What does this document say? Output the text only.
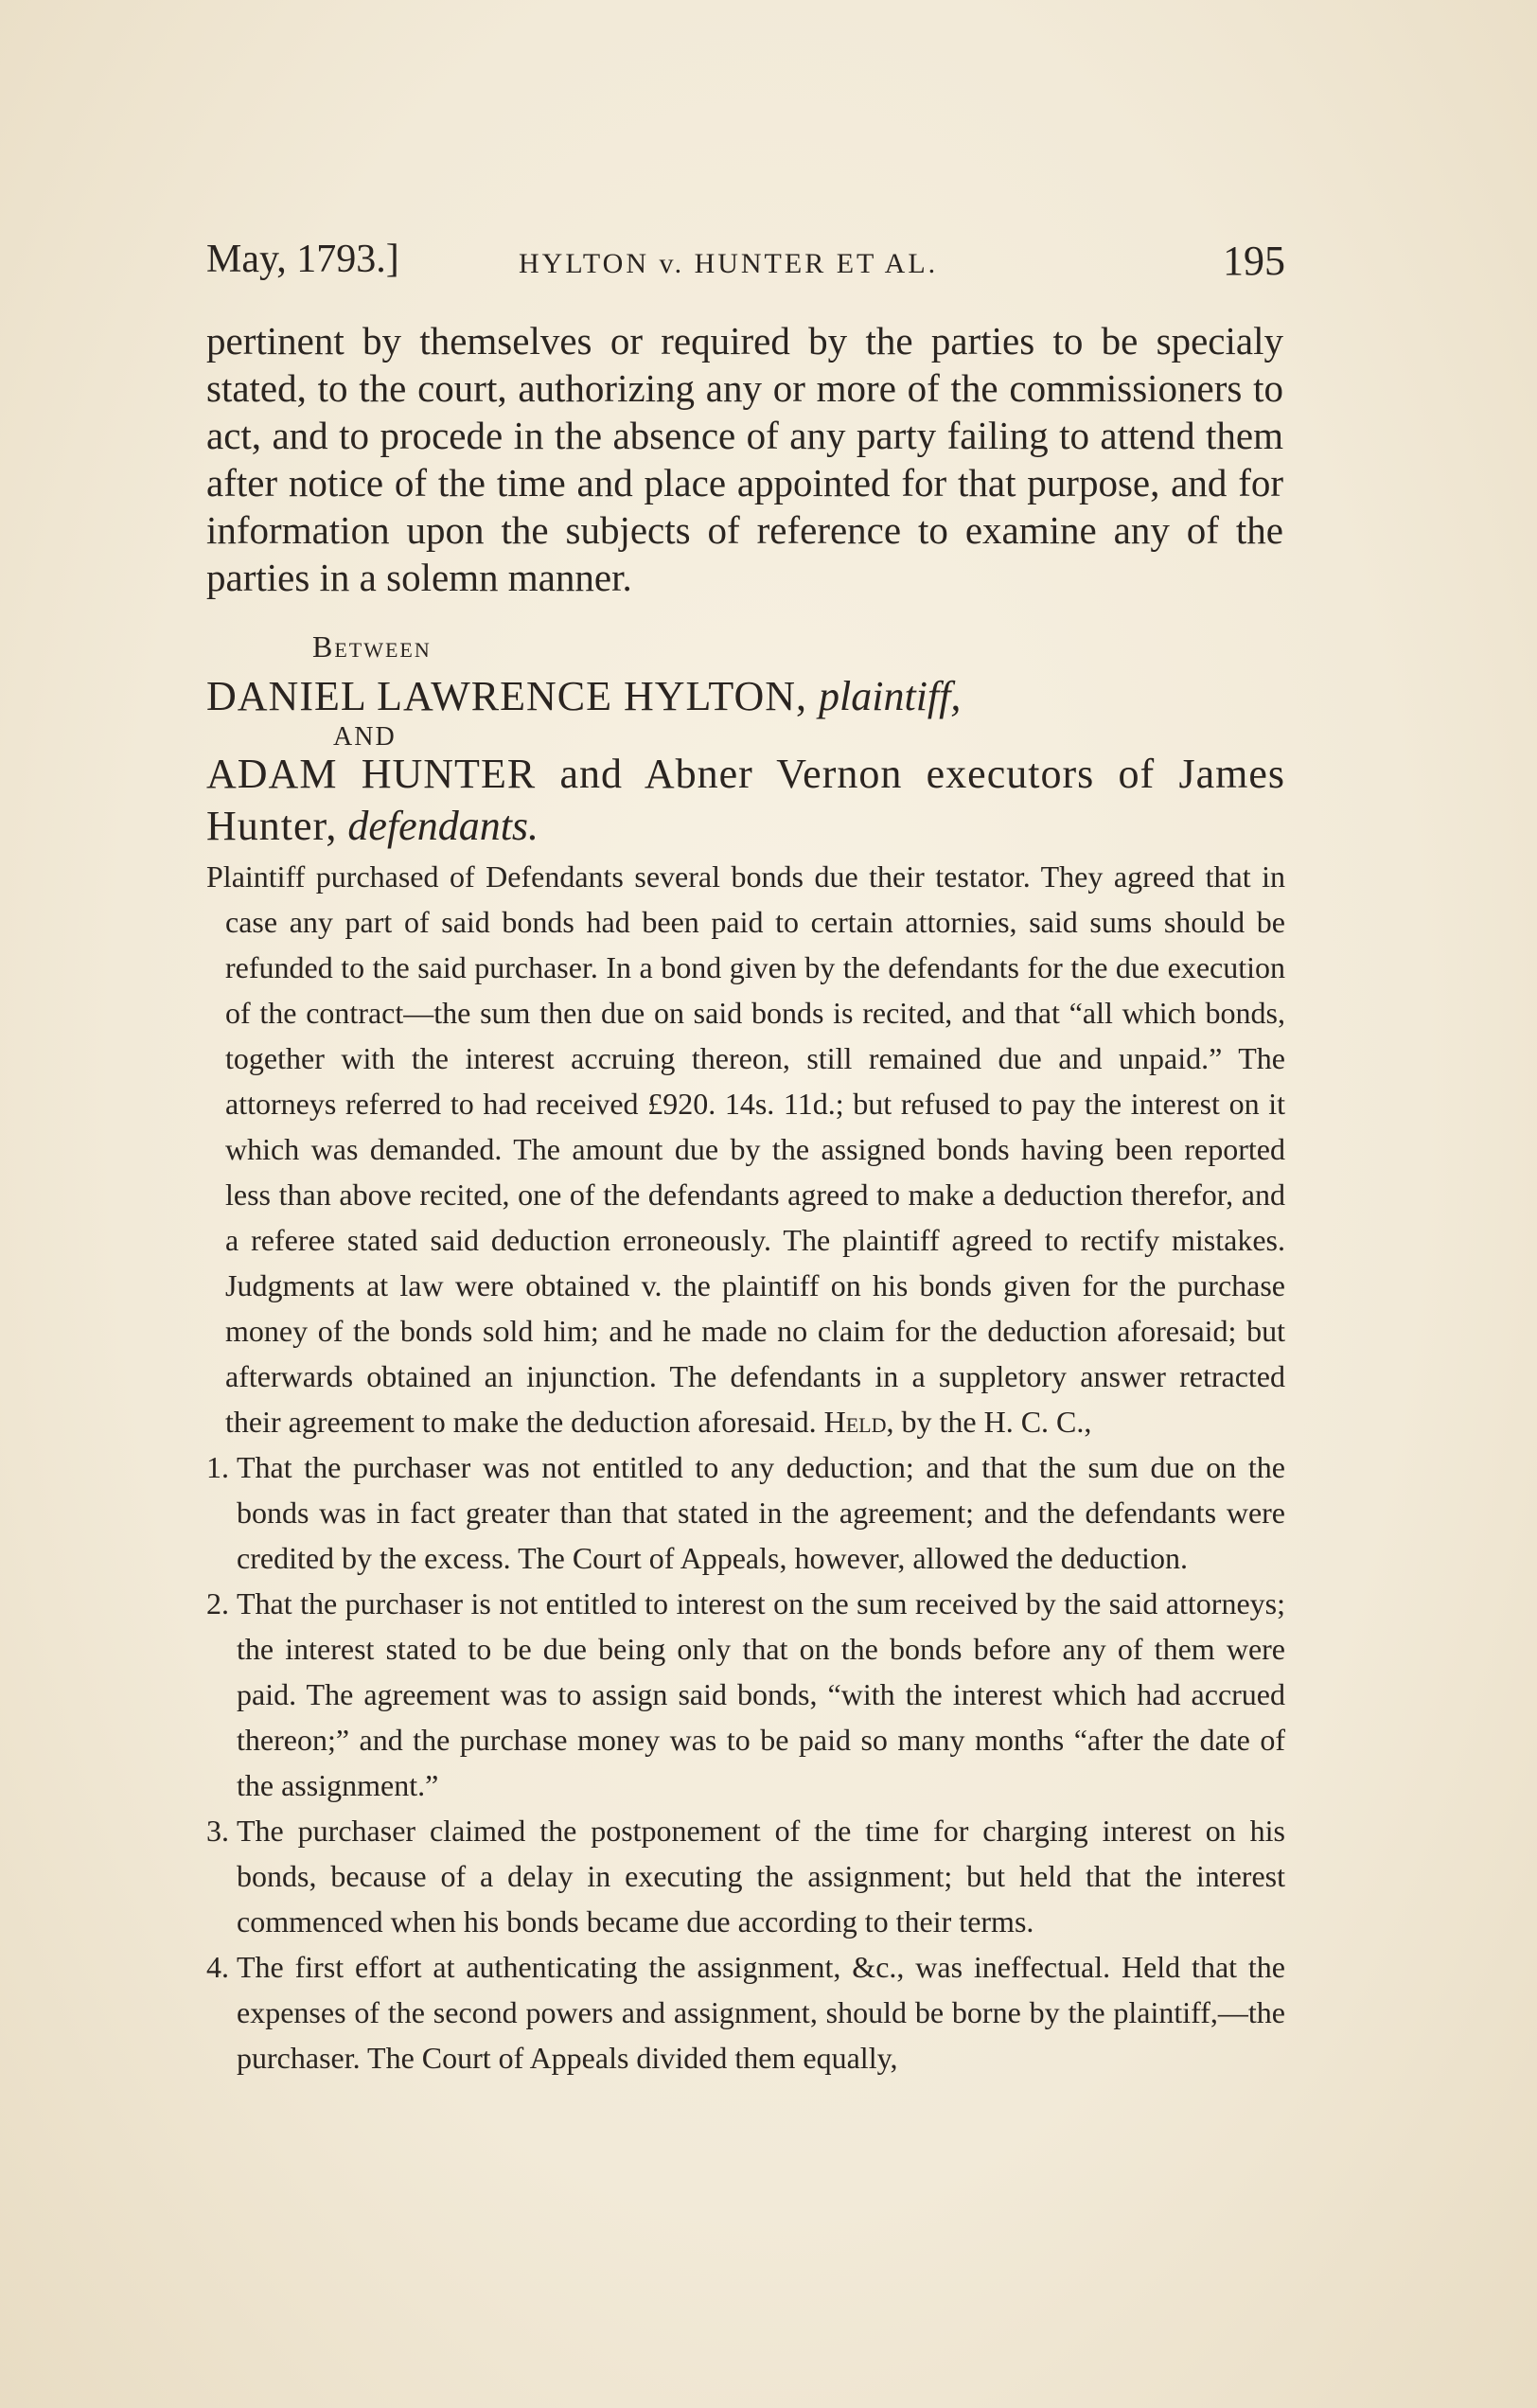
May, 1793.]	HYLTON v. HUNTER ET AL.	195
pertinent by themselves or required by the parties to be specialy stated, to the court, authorizing any or more of the commissioners to act, and to procede in the absence of any party failing to attend them after notice of the time and place appointed for that purpose, and for information upon the subjects of reference to examine any of the parties in a solemn manner.
Between
DANIEL LAWRENCE HYLTON, plaintiff,
AND
ADAM HUNTER and Abner Vernon executors of James Hunter, defendants.

Plaintiff purchased of Defendants several bonds due their testator. They agreed that in case any part of said bonds had been paid to certain attornies, said sums should be refunded to the said purchaser. In a bond given by the defendants for the due execution of the contract—the sum then due on said bonds is recited, and that “all which bonds, together with the interest accruing thereon, still remained due and unpaid.” The attorneys referred to had received £920. 14s. 11d.; but refused to pay the interest on it which was demanded. The amount due by the assigned bonds having been reported less than above recited, one of the defendants agreed to make a deduction therefor, and a referee stated said deduction erroneously. The plaintiff agreed to rectify mistakes. Judgments at law were obtained v. the plaintiff on his bonds given for the purchase money of the bonds sold him; and he made no claim for the deduction aforesaid; but afterwards obtained an injunction. The defendants in a suppletory answer retracted their agreement to make the deduction aforesaid. Held, by the H. C. C.,

1. That the purchaser was not entitled to any deduction; and that the sum due on the bonds was in fact greater than that stated in the agreement; and the defendants were credited by the excess. The Court of Appeals, however, allowed the deduction.

2. That the purchaser is not entitled to interest on the sum received by the said attorneys; the interest stated to be due being only that on the bonds before any of them were paid. The agreement was to assign said bonds, “with the interest which had accrued thereon;” and the purchase money was to be paid so many months “after the date of the assignment.”

3. The purchaser claimed the postponement of the time for charging interest on his bonds, because of a delay in executing the assignment; but held that the interest commenced when his bonds became due according to their terms.

4. The first effort at authenticating the assignment, &c., was ineffectual. Held that the expenses of the second powers and assignment, should be borne by the plaintiff,—the purchaser. The Court of Appeals divided them equally,
